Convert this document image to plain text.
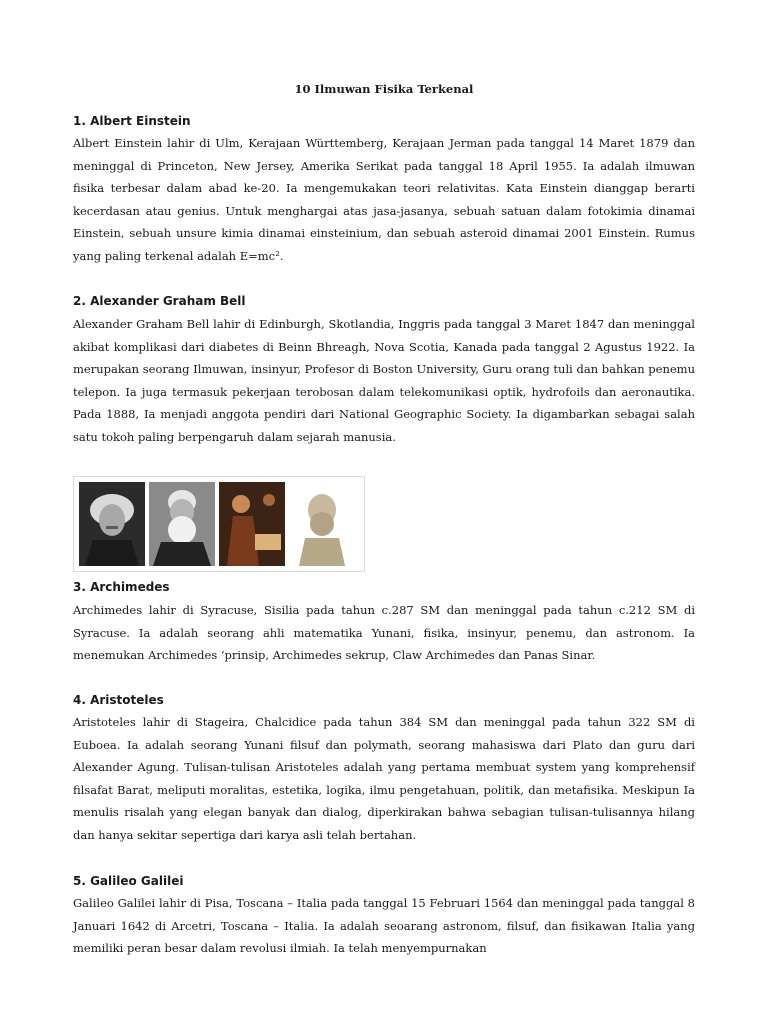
10 Ilmuwan Fisika Terkenal
1. Albert Einstein

Albert Einstein lahir di Ulm, Kerajaan Württemberg, Kerajaan Jerman pada tanggal 14 Maret 1879 dan meninggal di Princeton, New Jersey, Amerika Serikat pada tanggal 18 April 1955. Ia adalah ilmuwan fisika terbesar dalam abad ke-20. Ia mengemukakan teori relativitas. Kata Einstein dianggap berarti kecerdasan atau genius. Untuk menghargai atas jasa-jasanya, sebuah satuan dalam fotokimia dinamai Einstein, sebuah unsure kimia dinamai einsteinium, dan sebuah asteroid dinamai 2001 Einstein. Rumus yang paling terkenal adalah E=mc².

2. Alexander Graham Bell

Alexander Graham Bell lahir di Edinburgh, Skotlandia, Inggris pada tanggal 3 Maret 1847 dan meninggal akibat komplikasi dari diabetes di Beinn Bhreagh, Nova Scotia, Kanada pada tanggal 2 Agustus 1922. Ia merupakan seorang Ilmuwan, insinyur, Profesor di Boston University, Guru orang tuli dan bahkan penemu telepon. Ia juga termasuk pekerjaan terobosan dalam telekomunikasi optik, hydrofoils dan aeronautika. Pada 1888, Ia menjadi anggota pendiri dari National Geographic Society. Ia digambarkan sebagai salah satu tokoh paling berpengaruh dalam sejarah manusia.

3. Archimedes

Archimedes lahir di Syracuse, Sisilia pada tahun c.287 SM dan meninggal pada tahun c.212 SM di Syracuse. Ia adalah seorang ahli matematika Yunani, fisika, insinyur, penemu, dan astronom. Ia menemukan Archimedes ‘prinsip, Archimedes sekrup, Claw Archimedes dan Panas Sinar.

4. Aristoteles

Aristoteles lahir di Stageira, Chalcidice pada tahun 384 SM dan meninggal pada tahun 322 SM di Euboea. Ia adalah seorang Yunani filsuf dan polymath, seorang mahasiswa dari Plato dan guru dari Alexander Agung. Tulisan-tulisan Aristoteles adalah yang pertama membuat system yang komprehensif filsafat Barat, meliputi moralitas, estetika, logika, ilmu pengetahuan, politik, dan metafisika. Meskipun Ia menulis risalah yang elegan banyak dan dialog, diperkirakan bahwa sebagian tulisan-tulisannya hilang dan hanya sekitar sepertiga dari karya asli telah bertahan.

5. Galileo Galilei

Galileo Galilei lahir di Pisa, Toscana – Italia pada tanggal 15 Februari 1564 dan meninggal pada tanggal 8 Januari 1642 di Arcetri, Toscana – Italia. Ia adalah seoarang astronom, filsuf, dan fisikawan Italia yang memiliki peran besar dalam revolusi ilmiah. Ia telah menyempurnakan
